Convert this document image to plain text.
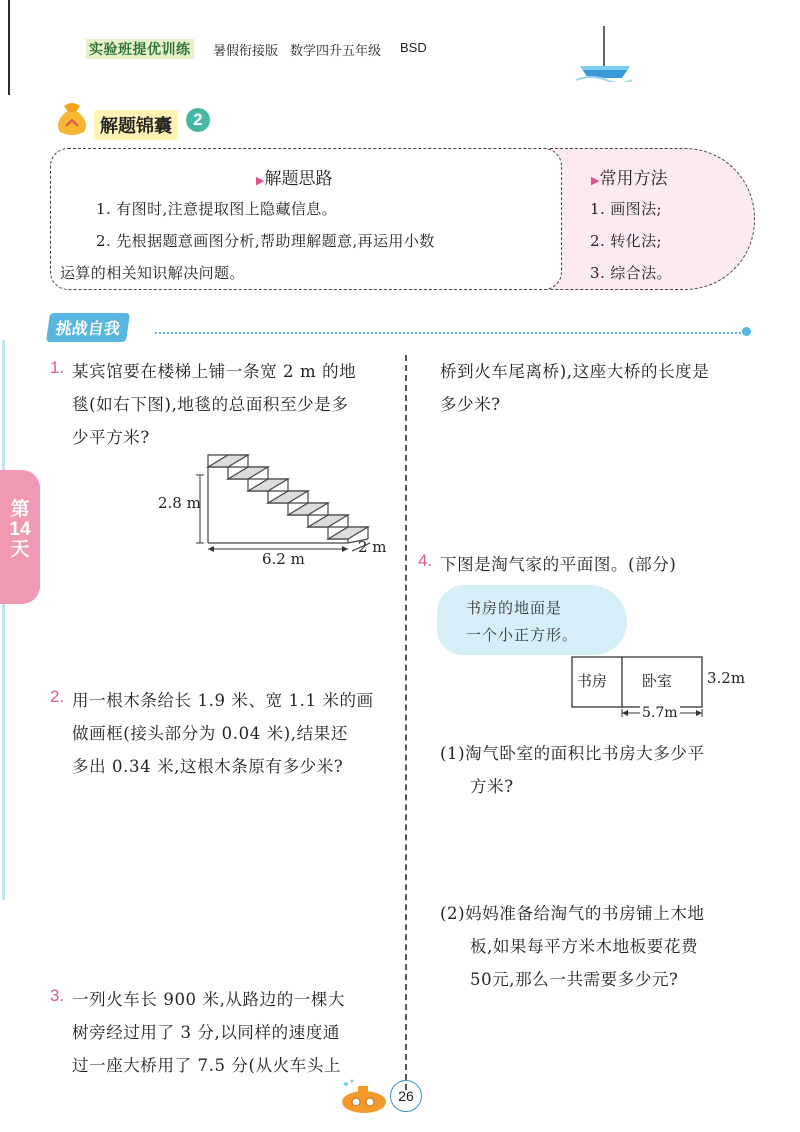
实验班提优训练 暑假衔接版 数学四升五年级 BSD
第
14
天
解题锦囊	2
▶解题思路
1. 有图时,注意提取图上隐藏信息。
2. 先根据题意画图分析,帮助理解题意,再运用小数
运算的相关知识解决问题。
▶常用方法
1. 画图法;
2. 转化法;
3. 综合法。
挑战自我
1. 某宾馆要在楼梯上铺一条宽 2 m 的地
毯(如右下图),地毯的总面积至少是多
少平方米?
2.8 m
6.2 m
2 m
2. 用一根木条给长 1.9 米、宽 1.1 米的画
做画框(接头部分为 0.04 米),结果还
多出 0.34 米,这根木条原有多少米?
3. 一列火车长 900 米,从路边的一棵大
树旁经过用了 3 分,以同样的速度通
过一座大桥用了 7.5 分(从火车头上
桥到火车尾离桥),这座大桥的长度是
多少米?
4. 下图是淘气家的平面图。(部分)
书房的地面是
一个小正方形。
书房 卧室 3.2m
5.7m
(1)淘气卧室的面积比书房大多少平
方米?
(2)妈妈准备给淘气的书房铺上木地
板,如果每平方米木地板要花费
50元,那么一共需要多少元?
26
